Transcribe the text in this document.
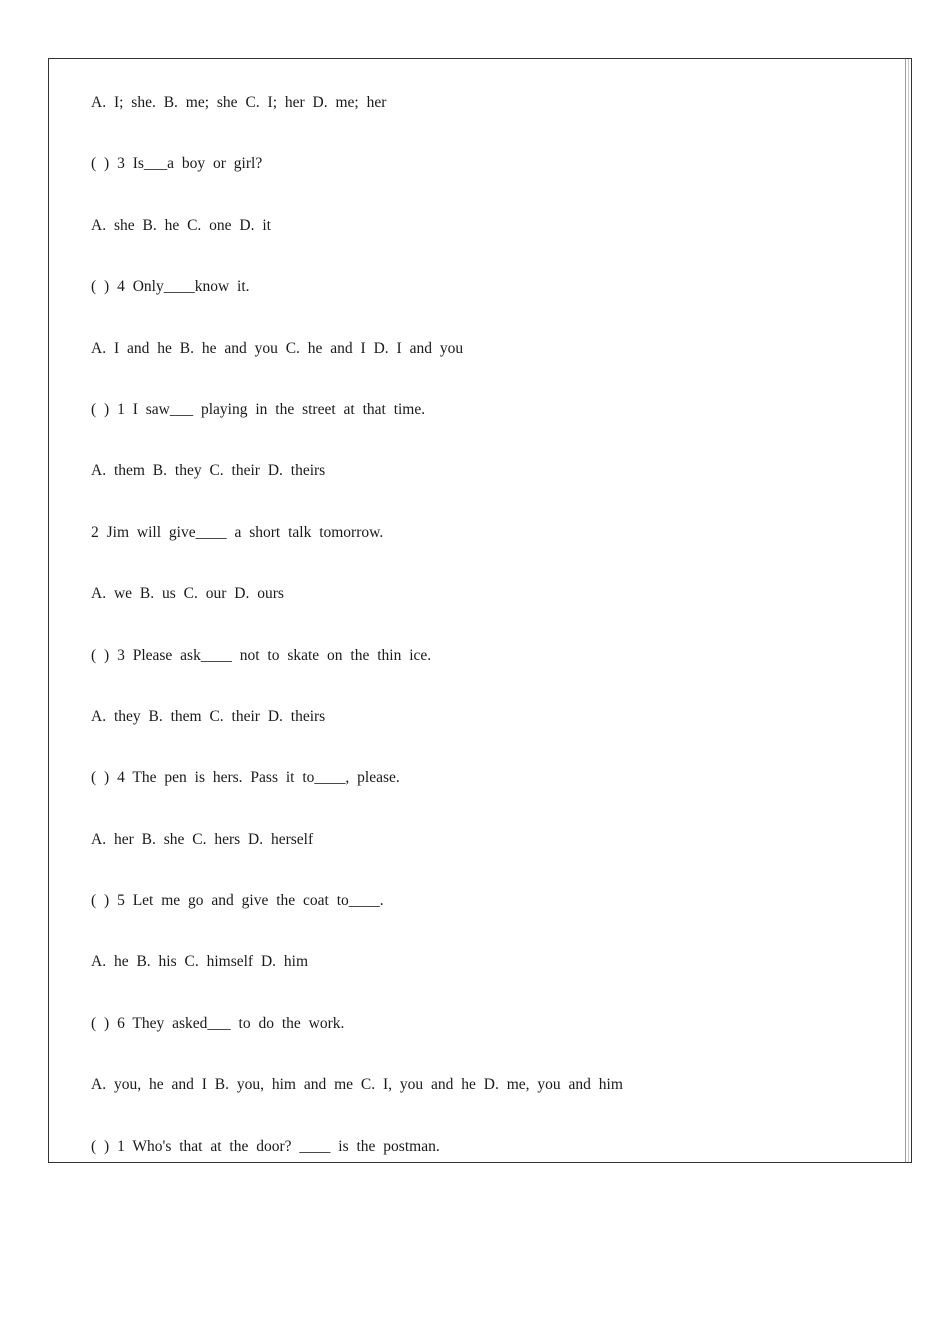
A. I; she. B. me; she C. I; her D. me; her
( ) 3 Is___a boy or girl?
A. she B. he C. one D. it
( ) 4 Only____know it.
A. I and he B. he and you C. he and I D. I and you
( ) 1 I saw___ playing in the street at that time.
A. them B. they C. their D. theirs
2 Jim will give____ a short talk tomorrow.
A. we B. us C. our D. ours
( ) 3 Please ask____ not to skate on the thin ice.
A. they B. them C. their D. theirs
( ) 4 The pen is hers. Pass it to____, please.
A. her B. she C. hers D. herself
( ) 5 Let me go and give the coat to____.
A. he B. his C. himself D. him
( ) 6 They asked___ to do the work.
A. you, he and I B. you, him and me C. I, you and he D. me, you and him
( ) 1 Who's that at the door? ____ is the postman.
